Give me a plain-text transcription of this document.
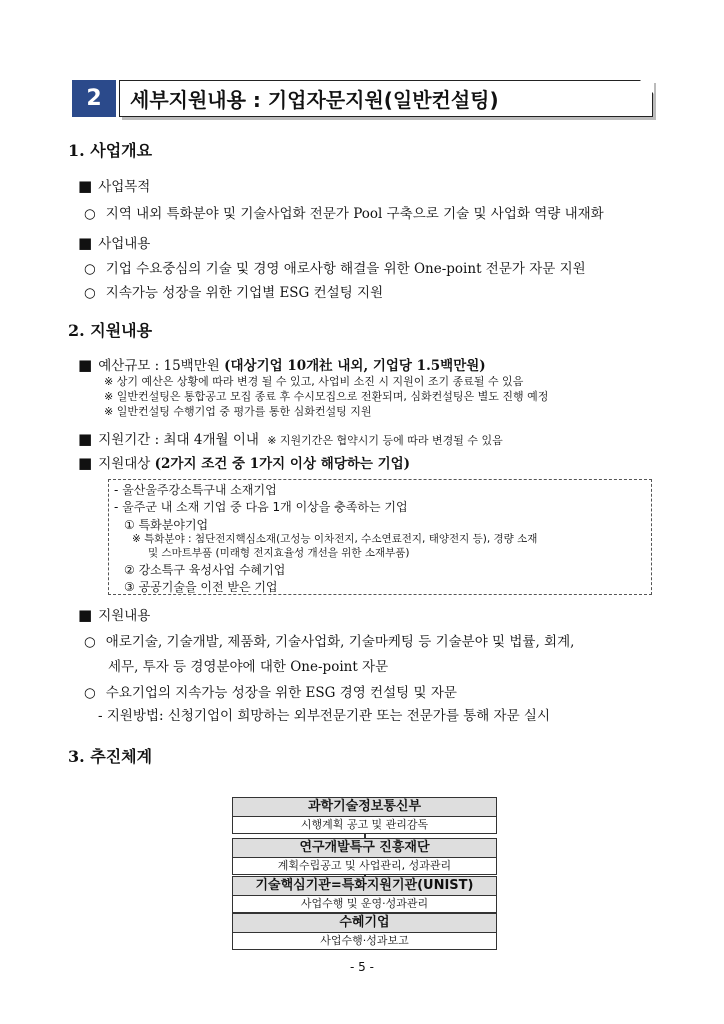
2	세부지원내용 : 기업자문지원(일반컨설팅)
1. 사업개요
■ 사업목적
○ 지역 내외 특화분야 및 기술사업화 전문가 Pool 구축으로 기술 및 사업화 역량 내재화
■ 사업내용
○ 기업 수요중심의 기술 및 경영 애로사항 해결을 위한 One-point 전문가 자문 지원
○ 지속가능 성장을 위한 기업별 ESG 컨설팅 지원
2. 지원내용
■ 예산규모 : 15백만원 (대상기업 10개社 내외, 기업당 1.5백만원)
※ 상기 예산은 상황에 따라 변경 될 수 있고, 사업비 소진 시 지원이 조기 종료될 수 있음
※ 일반컨설팅은 통합공고 모집 종료 후 수시모집으로 전환되며, 심화컨설팅은 별도 진행 예정
※ 일반컨설팅 수행기업 중 평가를 통한 심화컨설팅 지원
■ 지원기간 : 최대 4개월 이내 ※ 지원기간은 협약시기 등에 따라 변경될 수 있음
■ 지원대상 (2가지 조건 중 1가지 이상 해당하는 기업)
- 울산울주강소특구내 소재기업
- 울주군 내 소재 기업 중 다음 1개 이상을 충족하는 기업
① 특화분야기업
※ 특화분야 : 첨단전지핵심소재(고성능 이차전지, 수소연료전지, 태양전지 등), 경량 소재
및 스마트부품 (미래형 전지효율성 개선을 위한 소재부품)
② 강소특구 육성사업 수혜기업
③ 공공기술을 이전 받은 기업
■ 지원내용
○ 애로기술, 기술개발, 제품화, 기술사업화, 기술마케팅 등 기술분야 및 법률, 회계,
세무, 투자 등 경영분야에 대한 One-point 자문
○ 수요기업의 지속가능 성장을 위한 ESG 경영 컨설팅 및 자문
- 지원방법: 신청기업이 희망하는 외부전문기관 또는 전문가를 통해 자문 실시
3. 추진체계
과학기술정보통신부
시행계획 공고 및 관리감독
연구개발특구 진흥재단
계획수립공고 및 사업관리, 성과관리
기술핵심기관=특화지원기관(UNIST)
사업수행 및 운영·성과관리
수혜기업
사업수행·성과보고
- 5 -
